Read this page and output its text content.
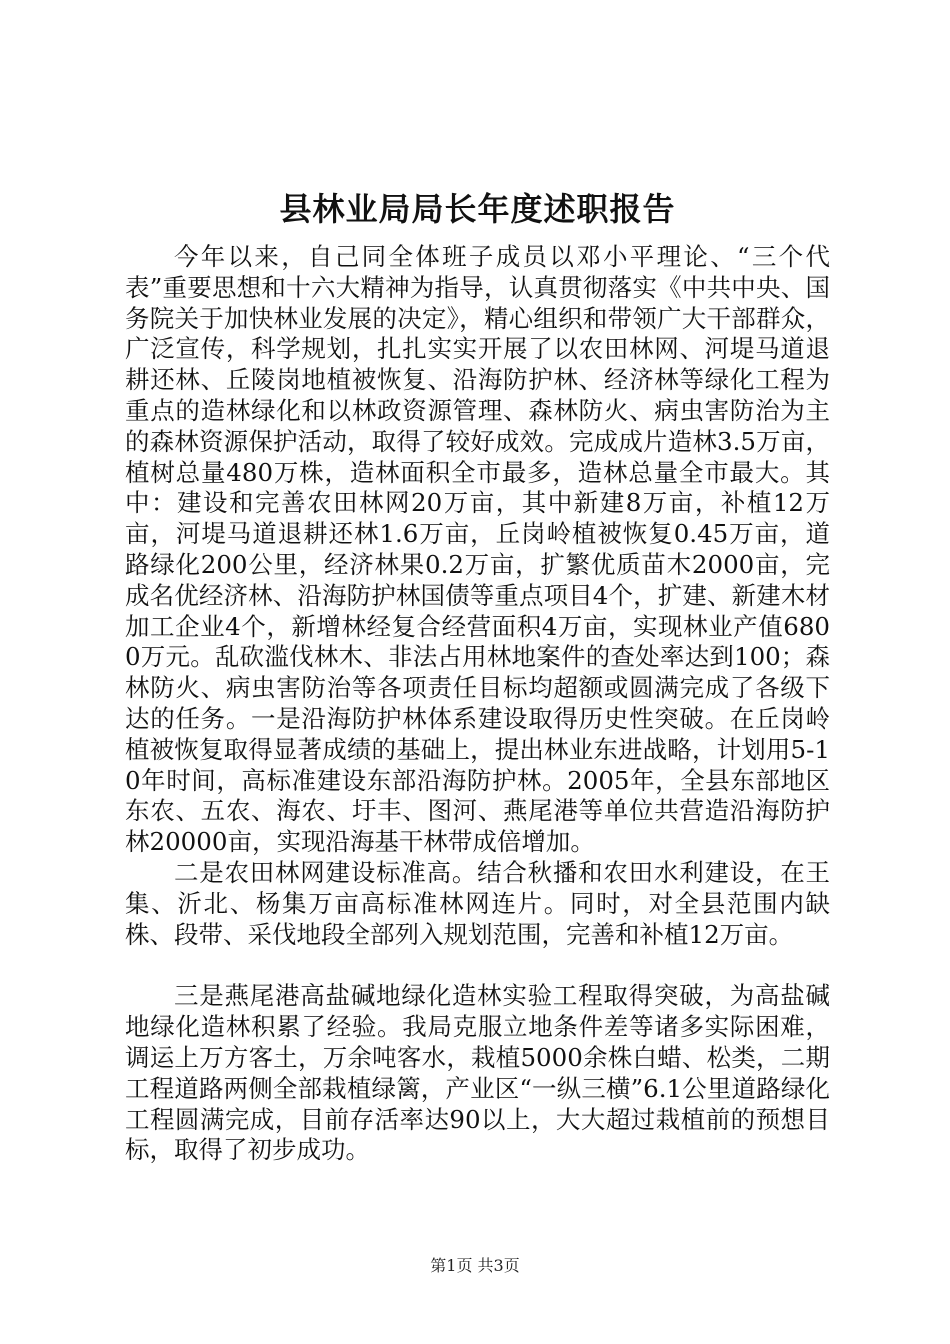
县林业局局长年度述职报告

今年以来，自己同全体班子成员以邓小平理论、“三个代表”重要思想和十六大精神为指导，认真贯彻落实《中共中央、国务院关于加快林业发展的决定》，精心组织和带领广大干部群众，广泛宣传，科学规划，扎扎实实开展了以农田林网、河堤马道退耕还林、丘陵岗地植被恢复、沿海防护林、经济林等绿化工程为重点的造林绿化和以林政资源管理、森林防火、病虫害防治为主的森林资源保护活动，取得了较好成效。完成成片造林3.5万亩，植树总量480万株，造林面积全市最多，造林总量全市最大。其中：建设和完善农田林网20万亩，其中新建8万亩，补植12万亩，河堤马道退耕还林1.6万亩，丘岗岭植被恢复0.45万亩，道路绿化200公里，经济林果0.2万亩，扩繁优质苗木2000亩，完成名优经济林、沿海防护林国债等重点项目4个，扩建、新建木材加工企业4个，新增林经复合经营面积4万亩，实现林业产值6800万元。乱砍滥伐林木、非法占用林地案件的查处率达到100；森林防火、病虫害防治等各项责任目标均超额或圆满完成了各级下达的任务。一是沿海防护林体系建设取得历史性突破。在丘岗岭植被恢复取得显著成绩的基础上，提出林业东进战略，计划用5-10年时间，高标准建设东部沿海防护林。2005年，全县东部地区东农、五农、海农、圩丰、图河、燕尾港等单位共营造沿海防护林20000亩，实现沿海基干林带成倍增加。

二是农田林网建设标准高。结合秋播和农田水利建设，在王集、沂北、杨集万亩高标准林网连片。同时，对全县范围内缺株、段带、采伐地段全部列入规划范围，完善和补植12万亩。

三是燕尾港高盐碱地绿化造林实验工程取得突破，为高盐碱地绿化造林积累了经验。我局克服立地条件差等诸多实际困难，调运上万方客土，万余吨客水，栽植5000余株白蜡、松类，二期工程道路两侧全部栽植绿篱，产业区“一纵三横”6.1公里道路绿化工程圆满完成，目前存活率达90以上，大大超过栽植前的预想目标，取得了初步成功。

第1页 共3页
